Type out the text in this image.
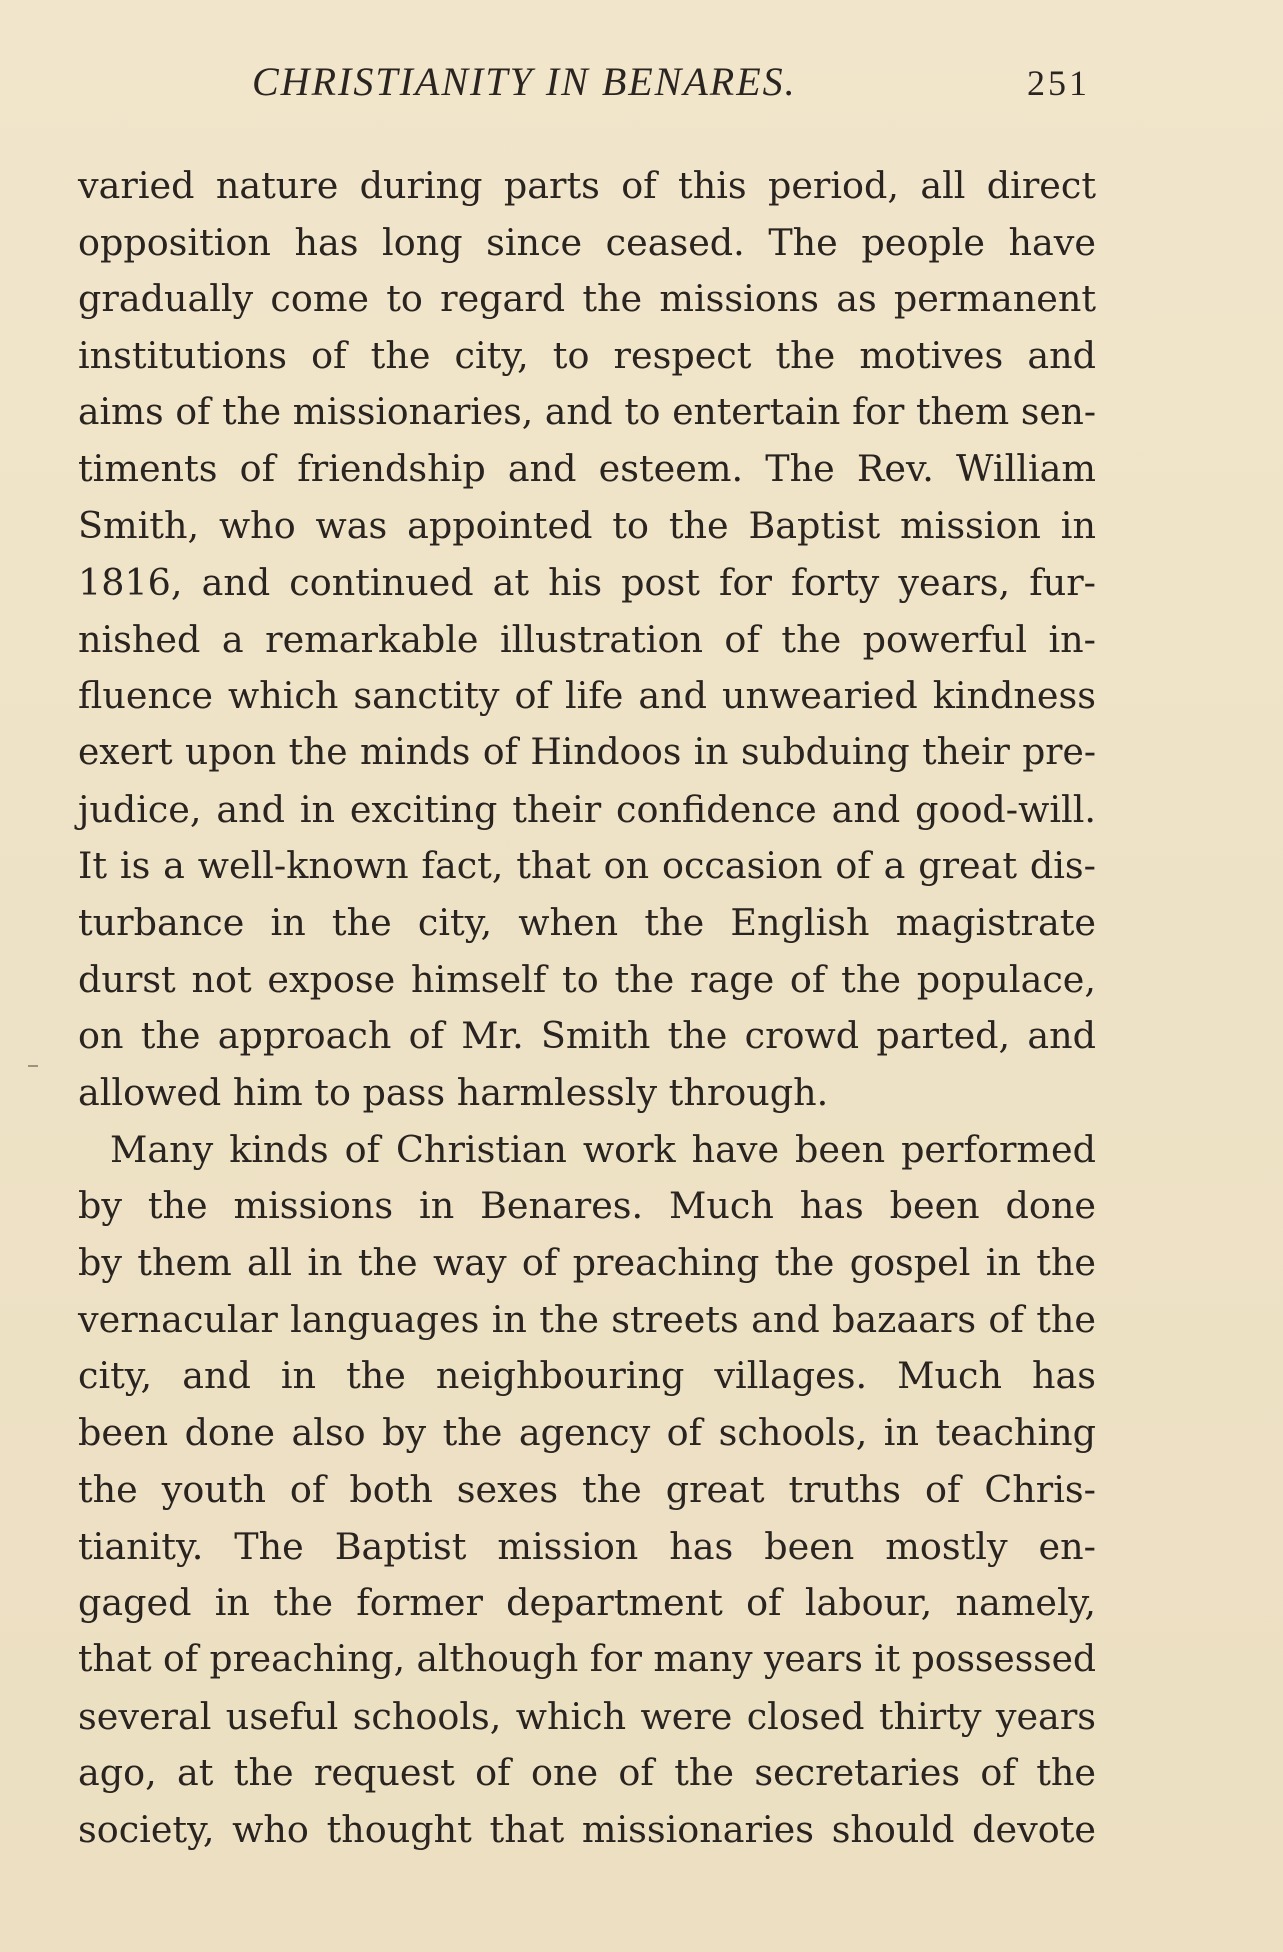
CHRISTIANITY IN BENARES.	251
varied nature during parts of this period, all direct
opposition has long since ceased. The people have
gradually come to regard the missions as permanent
institutions of the city, to respect the motives and
aims of the missionaries, and to entertain for them sen-
timents of friendship and esteem. The Rev. William
Smith, who was appointed to the Baptist mission in
1816, and continued at his post for forty years, fur-
nished a remarkable illustration of the powerful in-
fluence which sanctity of life and unwearied kindness
exert upon the minds of Hindoos in subduing their pre-
judice, and in exciting their confidence and good-will.
It is a well-known fact, that on occasion of a great dis-
turbance in the city, when the English magistrate
durst not expose himself to the rage of the populace,
on the approach of Mr. Smith the crowd parted, and
allowed him to pass harmlessly through.
Many kinds of Christian work have been performed
by the missions in Benares. Much has been done
by them all in the way of preaching the gospel in the
vernacular languages in the streets and bazaars of the
city, and in the neighbouring villages. Much has
been done also by the agency of schools, in teaching
the youth of both sexes the great truths of Chris-
tianity. The Baptist mission has been mostly en-
gaged in the former department of labour, namely,
that of preaching, although for many years it possessed
several useful schools, which were closed thirty years
ago, at the request of one of the secretaries of the
society, who thought that missionaries should devote
